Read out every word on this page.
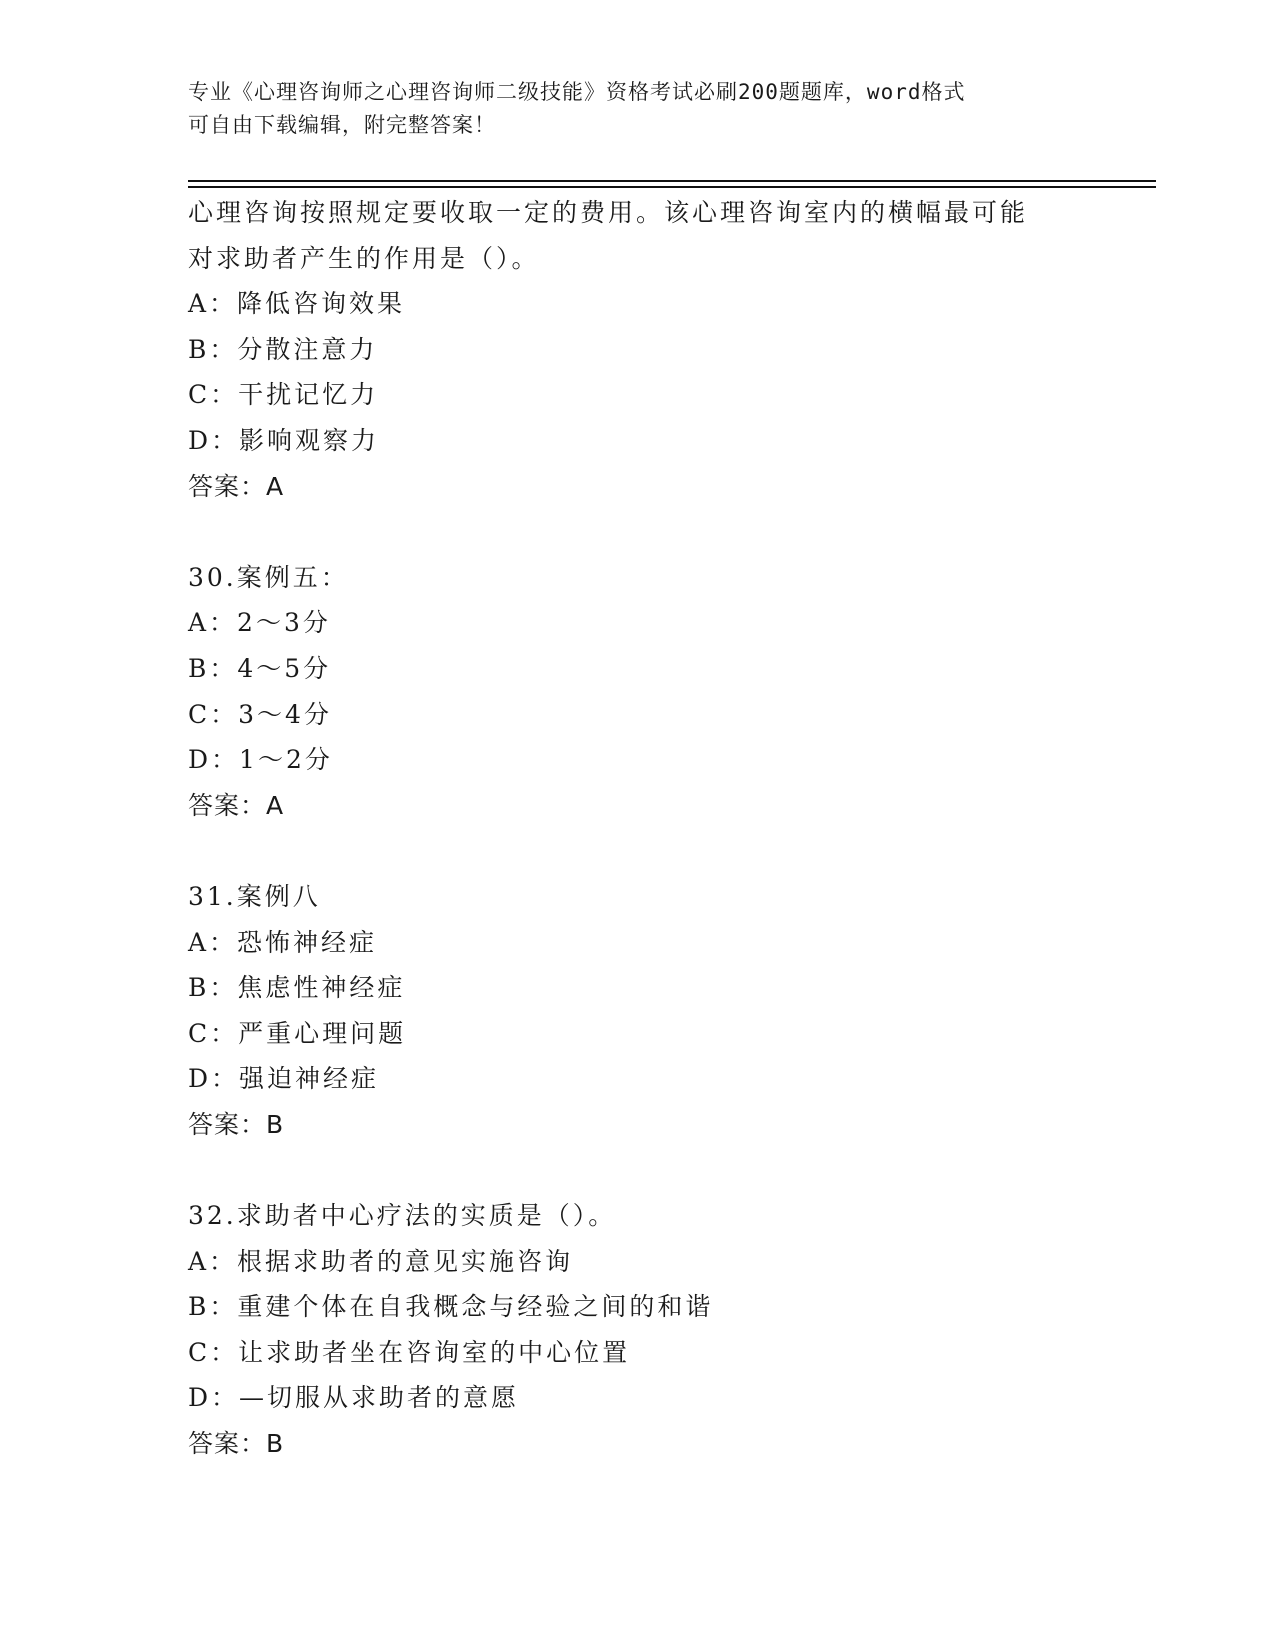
专业《心理咨询师之心理咨询师二级技能》资格考试必刷200题题库，word格式
可自由下载编辑，附完整答案！
心理咨询按照规定要收取一定的费用。该心理咨询室内的横幅最可能
对求助者产生的作用是（）。
A：降低咨询效果
B：分散注意力
C：干扰记忆力
D：影响观察力
答案：A
30.案例五：
A：2～3分
B：4～5分
C：3～4分
D：1～2分
答案：A
31.案例八
A：恐怖神经症
B：焦虑性神经症
C：严重心理问题
D：强迫神经症
答案：B
32.求助者中心疗法的实质是（）。
A：根据求助者的意见实施咨询
B：重建个体在自我概念与经验之间的和谐
C：让求助者坐在咨询室的中心位置
D：—切服从求助者的意愿
答案：B
